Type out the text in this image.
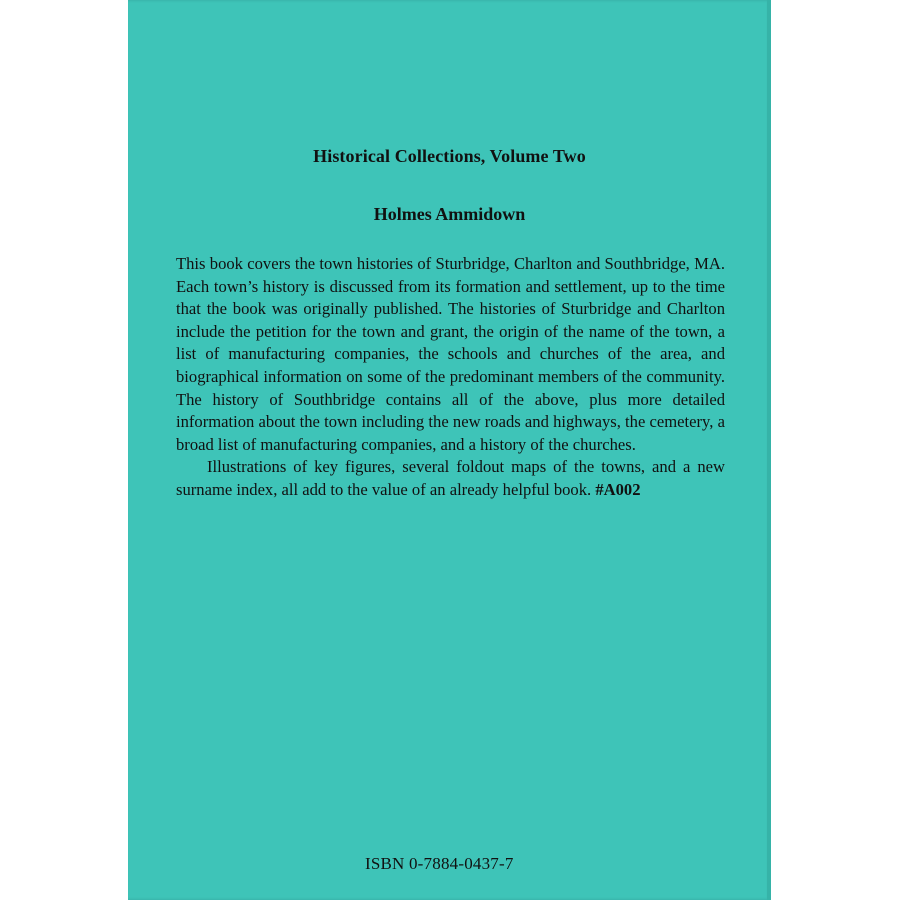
Historical Collections, Volume Two
Holmes Ammidown

This book covers the town histories of Sturbridge, Charlton and Southbridge, MA. Each town’s history is discussed from its formation and settlement, up to the time that the book was originally published. The histories of Sturbridge and Charlton include the petition for the town and grant, the origin of the name of the town, a list of manufacturing companies, the schools and churches of the area, and biographical information on some of the predominant members of the community. The history of Southbridge contains all of the above, plus more detailed information about the town including the new roads and highways, the cemetery, a broad list of manufacturing companies, and a history of the churches.

Illustrations of key figures, several foldout maps of the towns, and a new surname index, all add to the value of an already helpful book. #A002

ISBN 0-7884-0437-7
